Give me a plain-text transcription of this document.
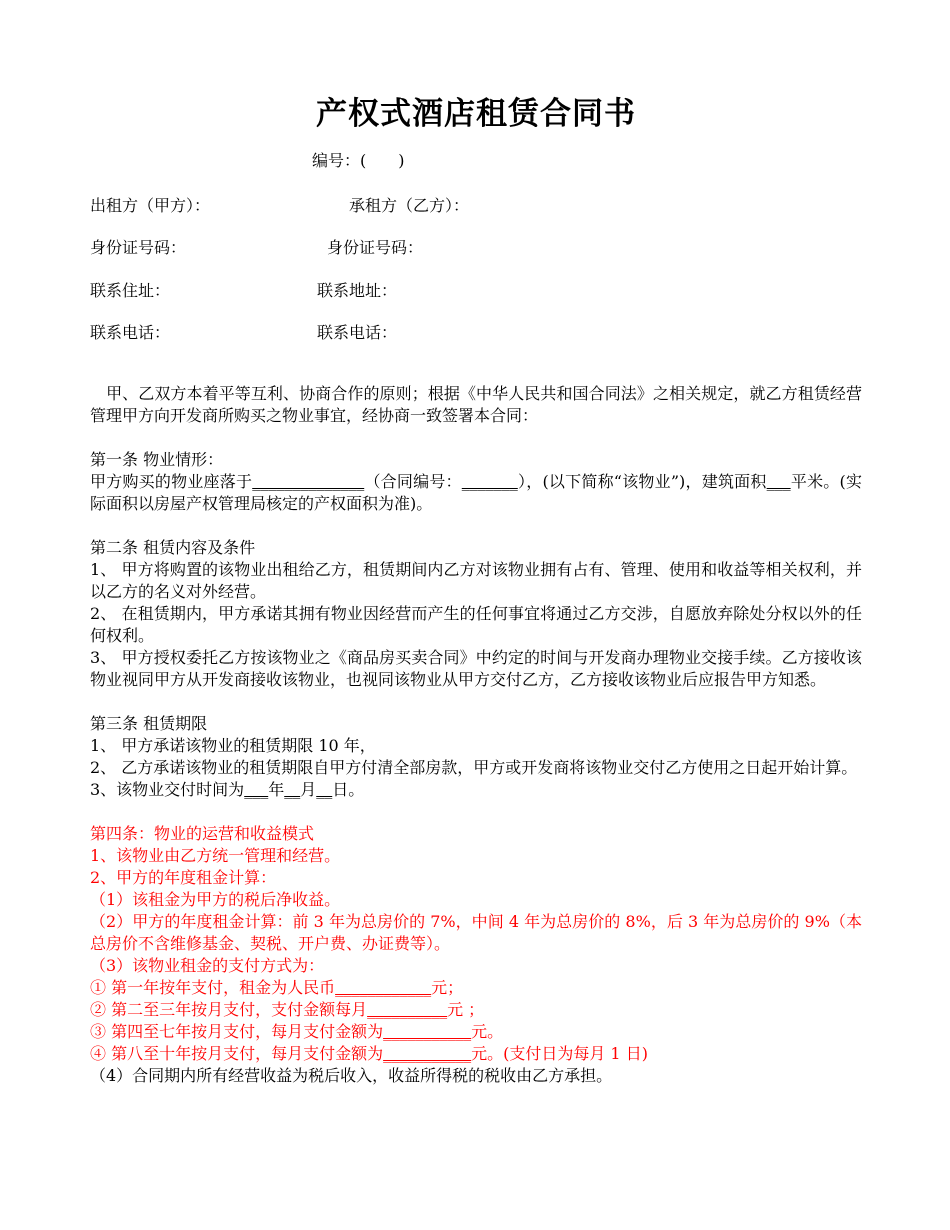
产权式酒店租赁合同书
编号：(　　)
出租方（甲方）：	承租方（乙方）：
身份证号码：	身份证号码：
联系住址：	联系地址：
联系电话：	联系电话：

　甲、乙双方本着平等互利、协商合作的原则；根据《中华人民共和国合同法》之相关规定，就乙方租赁经营管理甲方向开发商所购买之物业事宜，经协商一致签署本合同：

第一条 物业情形：

甲方购买的物业座落于______________（合同编号：_______），(以下简称“该物业”)，建筑面积___平米。(实际面积以房屋产权管理局核定的产权面积为准)。

第二条 租赁内容及条件

1、 甲方将购置的该物业出租给乙方，租赁期间内乙方对该物业拥有占有、管理、使用和收益等相关权利，并以乙方的名义对外经营。

2、 在租赁期内，甲方承诺其拥有物业因经营而产生的任何事宜将通过乙方交涉，自愿放弃除处分权以外的任何权利。

3、 甲方授权委托乙方按该物业之《商品房买卖合同》中约定的时间与开发商办理物业交接手续。乙方接收该物业视同甲方从开发商接收该物业，也视同该物业从甲方交付乙方，乙方接收该物业后应报告甲方知悉。

第三条 租赁期限

1、 甲方承诺该物业的租赁期限 10 年，

2、 乙方承诺该物业的租赁期限自甲方付清全部房款，甲方或开发商将该物业交付乙方使用之日起开始计算。

3、该物业交付时间为___年__月__日。

第四条：物业的运营和收益模式

1、该物业由乙方统一管理和经营。

2、甲方的年度租金计算：

（1）该租金为甲方的税后净收益。

（2）甲方的年度租金计算：前 3 年为总房价的 7%，中间 4 年为总房价的 8%，后 3 年为总房价的 9%（本总房价不含维修基金、契税、开户费、办证费等）。

（3）该物业租金的支付方式为：

① 第一年按年支付，租金为人民币____________元；

② 第二至三年按月支付，支付金额每月__________元 ；

③ 第四至七年按月支付，每月支付金额为___________元。

④ 第八至十年按月支付，每月支付金额为___________元。(支付日为每月 1 日)

（4）合同期内所有经营收益为税后收入，收益所得税的税收由乙方承担。
